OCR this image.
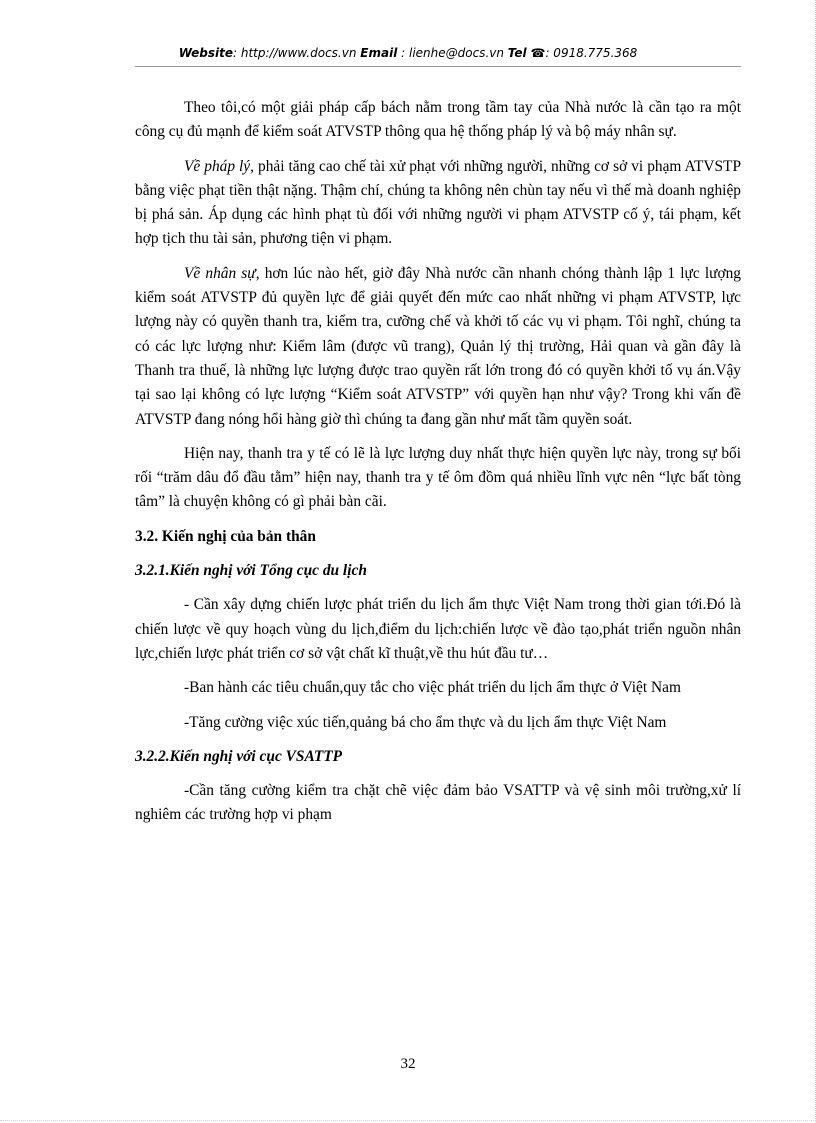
Website: http://www.docs.vn Email : lienhe@docs.vn Tel ☎: 0918.775.368

Theo tôi,có một giải pháp cấp bách nằm trong tầm tay của Nhà nước là cần tạo ra một công cụ đủ mạnh để kiểm soát ATVSTP thông qua hệ thống pháp lý và bộ máy nhân sự.

Về pháp lý, phải tăng cao chế tài xử phạt với những người, những cơ sở vi phạm ATVSTP bằng việc phạt tiền thật nặng. Thậm chí, chúng ta không nên chùn tay nếu vì thế mà doanh nghiệp bị phá sản. Áp dụng các hình phạt tù đối với những người vi phạm ATVSTP cố ý, tái phạm, kết hợp tịch thu tài sản, phương tiện vi phạm.

Về nhân sự, hơn lúc nào hết, giờ đây Nhà nước cần nhanh chóng thành lập 1 lực lượng kiểm soát ATVSTP đủ quyền lực để giải quyết đến mức cao nhất những vi phạm ATVSTP, lực lượng này có quyền thanh tra, kiểm tra, cưỡng chế và khởi tố các vụ vi phạm. Tôi nghĩ, chúng ta có các lực lượng như: Kiểm lâm (được vũ trang), Quản lý thị trường, Hải quan và gần đây là Thanh tra thuế, là những lực lượng được trao quyền rất lớn trong đó có quyền khởi tố vụ án.Vậy tại sao lại không có lực lượng “Kiểm soát ATVSTP” với quyền hạn như vậy? Trong khi vấn đề ATVSTP đang nóng hổi hàng giờ thì chúng ta đang gần như mất tầm quyền soát.

Hiện nay, thanh tra y tế có lẽ là lực lượng duy nhất thực hiện quyền lực này, trong sự bối rối “trăm dâu đổ đầu tằm” hiện nay, thanh tra y tế ôm đồm quá nhiều lĩnh vực nên “lực bất tòng tâm” là chuyện không có gì phải bàn cãi.

3.2. Kiến nghị của bản thân

3.2.1.Kiến nghị với Tổng cục du lịch

- Cần xây dựng chiến lược phát triển du lịch ẩm thực Việt Nam trong thời gian tới.Đó là chiến lược về quy hoạch vùng du lịch,điểm du lịch:chiến lược về đào tạo,phát triển nguồn nhân lực,chiến lược phát triển cơ sở vật chất kĩ thuật,về thu hút đầu tư…

-Ban hành các tiêu chuẩn,quy tắc cho việc phát triển du lịch ẩm thực ở Việt Nam

-Tăng cường việc xúc tiến,quảng bá cho ẩm thực và du lịch ẩm thực Việt Nam

3.2.2.Kiến nghị với cục VSATTP

-Cần tăng cường kiểm tra chặt chẽ việc đảm bảo VSATTP và vệ sinh môi trường,xử lí nghiêm các trường hợp vi phạm

32
